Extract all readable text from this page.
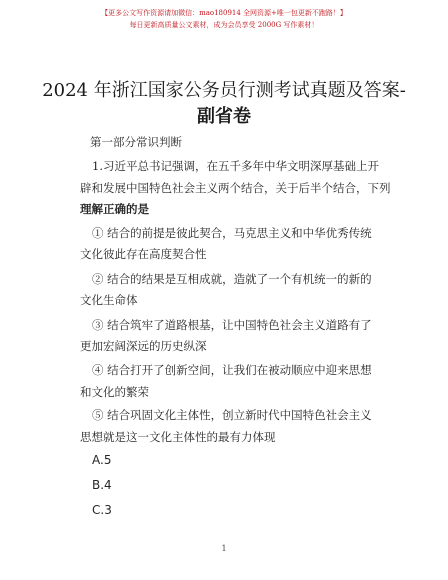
【更多公文写作资源请加微信：mao180914 全网资源+唯一包更新不跑路！】
每日更新高质量公文素材，成为会员享受 2000G 写作素材！
2024 年浙江国家公务员行测考试真题及答案-
副省卷
第一部分常识判断
1.习近平总书记强调，在五千多年中华文明深厚基础上开
辟和发展中国特色社会主义两个结合，关于后半个结合，下列
理解正确的是
① 结合的前提是彼此契合，马克思主义和中华优秀传统
文化彼此存在高度契合性
② 结合的结果是互相成就，造就了一个有机统一的新的
文化生命体
③ 结合筑牢了道路根基，让中国特色社会主义道路有了
更加宏阔深远的历史纵深
④ 结合打开了创新空间，让我们在被动顺应中迎来思想
和文化的繁荣
⑤ 结合巩固文化主体性，创立新时代中国特色社会主义
思想就是这一文化主体性的最有力体现
A.5
B.4
C.3
1
